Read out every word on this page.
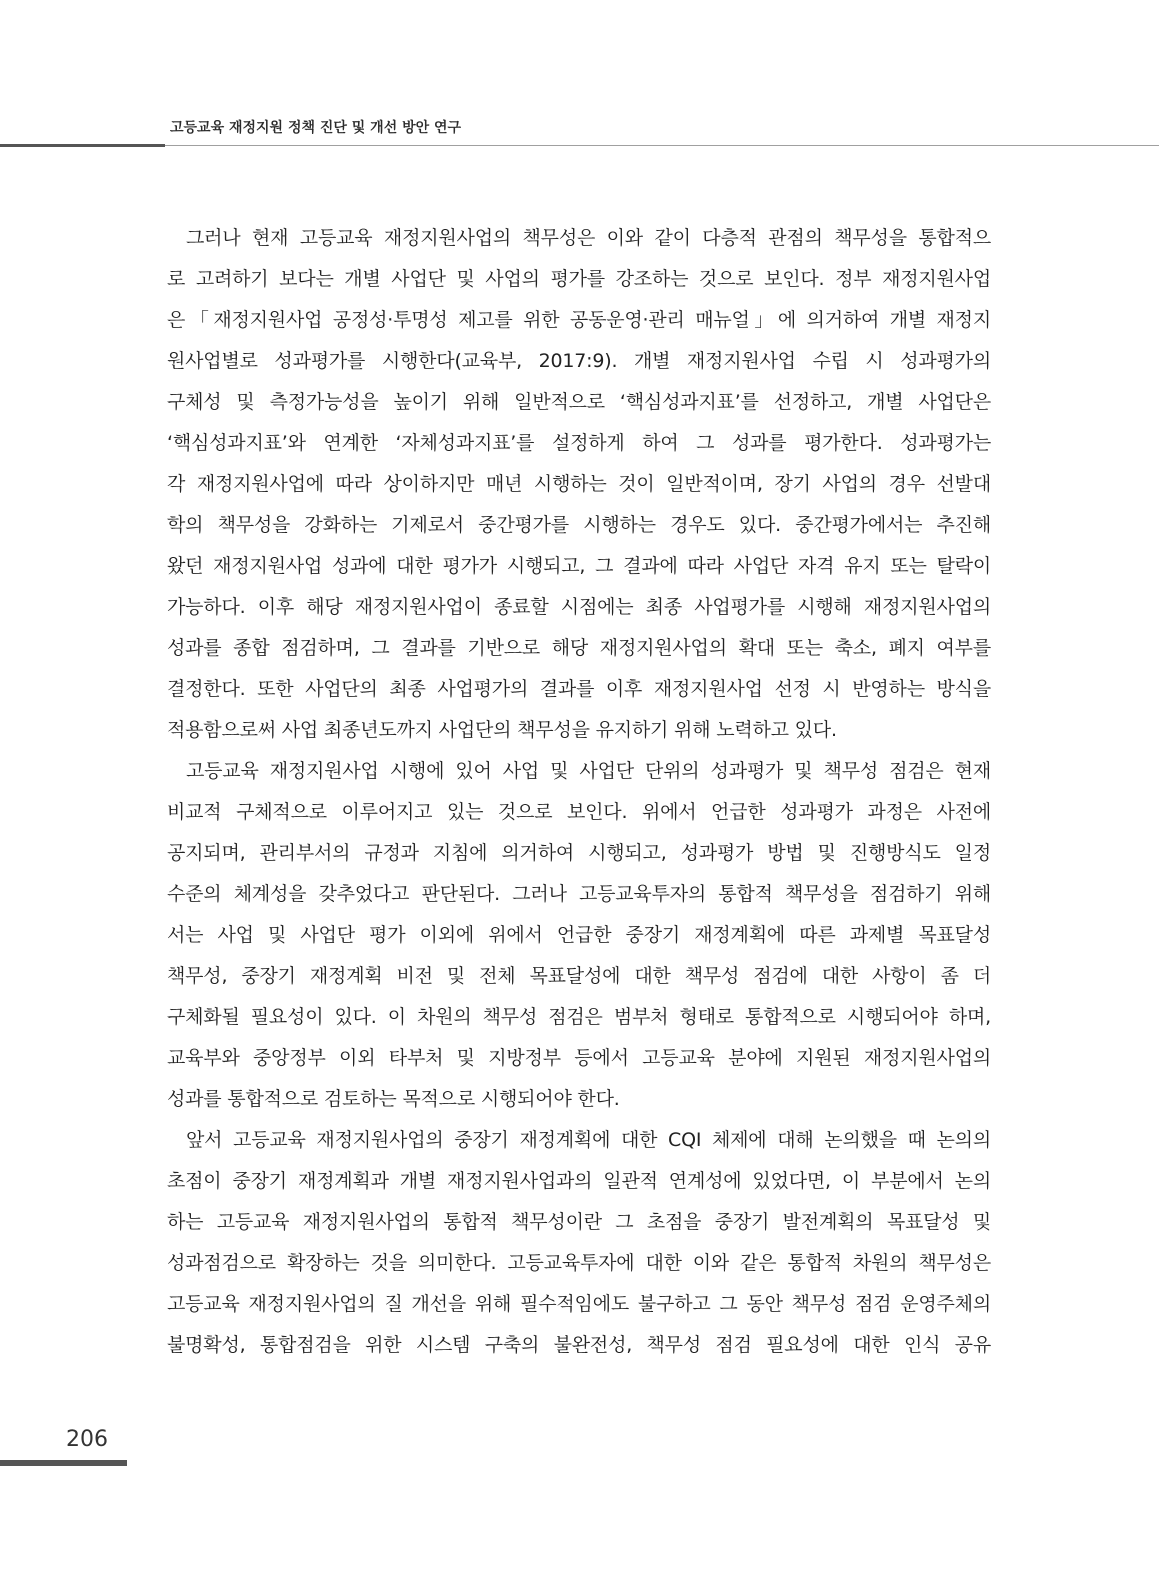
고등교육 재정지원 정책 진단 및 개선 방안 연구
그러나 현재 고등교육 재정지원사업의 책무성은 이와 같이 다층적 관점의 책무성을 통합적으
로 고려하기 보다는 개별 사업단 및 사업의 평가를 강조하는 것으로 보인다. 정부 재정지원사업
은「재정지원사업 공정성·투명성 제고를 위한 공동운영·관리 매뉴얼」에 의거하여 개별 재정지
원사업별로 성과평가를 시행한다(교육부, 2017:9). 개별 재정지원사업 수립 시 성과평가의
구체성 및 측정가능성을 높이기 위해 일반적으로 ‘핵심성과지표’를 선정하고, 개별 사업단은
‘핵심성과지표’와 연계한 ‘자체성과지표’를 설정하게 하여 그 성과를 평가한다. 성과평가는
각 재정지원사업에 따라 상이하지만 매년 시행하는 것이 일반적이며, 장기 사업의 경우 선발대
학의 책무성을 강화하는 기제로서 중간평가를 시행하는 경우도 있다. 중간평가에서는 추진해
왔던 재정지원사업 성과에 대한 평가가 시행되고, 그 결과에 따라 사업단 자격 유지 또는 탈락이
가능하다. 이후 해당 재정지원사업이 종료할 시점에는 최종 사업평가를 시행해 재정지원사업의
성과를 종합 점검하며, 그 결과를 기반으로 해당 재정지원사업의 확대 또는 축소, 폐지 여부를
결정한다. 또한 사업단의 최종 사업평가의 결과를 이후 재정지원사업 선정 시 반영하는 방식을
적용함으로써 사업 최종년도까지 사업단의 책무성을 유지하기 위해 노력하고 있다.
고등교육 재정지원사업 시행에 있어 사업 및 사업단 단위의 성과평가 및 책무성 점검은 현재
비교적 구체적으로 이루어지고 있는 것으로 보인다. 위에서 언급한 성과평가 과정은 사전에
공지되며, 관리부서의 규정과 지침에 의거하여 시행되고, 성과평가 방법 및 진행방식도 일정
수준의 체계성을 갖추었다고 판단된다. 그러나 고등교육투자의 통합적 책무성을 점검하기 위해
서는 사업 및 사업단 평가 이외에 위에서 언급한 중장기 재정계획에 따른 과제별 목표달성
책무성, 중장기 재정계획 비전 및 전체 목표달성에 대한 책무성 점검에 대한 사항이 좀 더
구체화될 필요성이 있다. 이 차원의 책무성 점검은 범부처 형태로 통합적으로 시행되어야 하며,
교육부와 중앙정부 이외 타부처 및 지방정부 등에서 고등교육 분야에 지원된 재정지원사업의
성과를 통합적으로 검토하는 목적으로 시행되어야 한다.
앞서 고등교육 재정지원사업의 중장기 재정계획에 대한 CQI 체제에 대해 논의했을 때 논의의
초점이 중장기 재정계획과 개별 재정지원사업과의 일관적 연계성에 있었다면, 이 부분에서 논의
하는 고등교육 재정지원사업의 통합적 책무성이란 그 초점을 중장기 발전계획의 목표달성 및
성과점검으로 확장하는 것을 의미한다. 고등교육투자에 대한 이와 같은 통합적 차원의 책무성은
고등교육 재정지원사업의 질 개선을 위해 필수적임에도 불구하고 그 동안 책무성 점검 운영주체의
불명확성, 통합점검을 위한 시스템 구축의 불완전성, 책무성 점검 필요성에 대한 인식 공유
206
